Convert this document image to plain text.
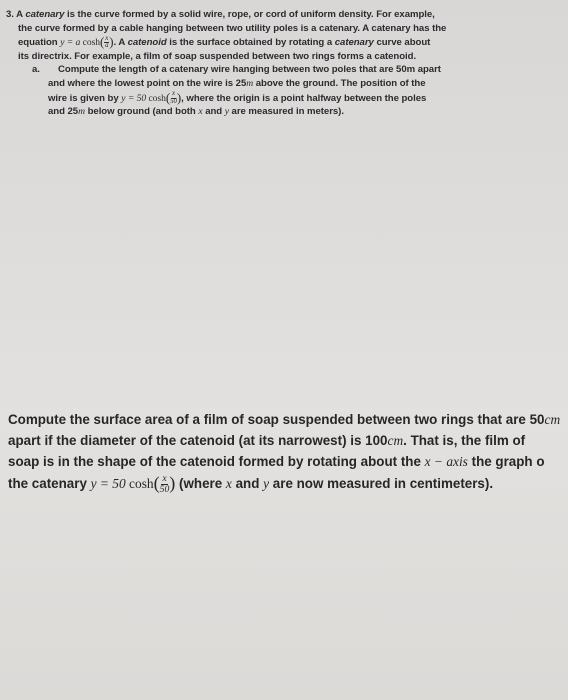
3. A catenary is the curve formed by a solid wire, rope, or cord of uniform density. For example,
the curve formed by a cable hanging between two utility poles is a catenary. A catenary has the
equation y = a $\cosh( \frac{x}{a}$ ). A catenoid is the surface obtained by rotating a catenary curve about
its directrix. For example, a film of soap suspended between two rings forms a catenoid.
a. Compute the length of a catenary wire hanging between two poles that are 50m apart
and where the lowest point on the wire is 25m above the ground. The position of the
wire is given by y = 50 $\cosh( \frac{x}{50}$ ), where the origin is a point halfway between the poles
and 25m below ground (and both x and y are measured in meters).
Compute the surface area of a film of soap suspended between two rings that are 50cm
apart if the diameter of the catenoid (at its narrowest) is 100cm. That is, the film of
soap is in the shape of the catenoid formed by rotating about the x − axis the graph o
the catenary y = 50 $\cosh( \frac{x}{50}$ ) (where x and y are now measured in centimeters).
